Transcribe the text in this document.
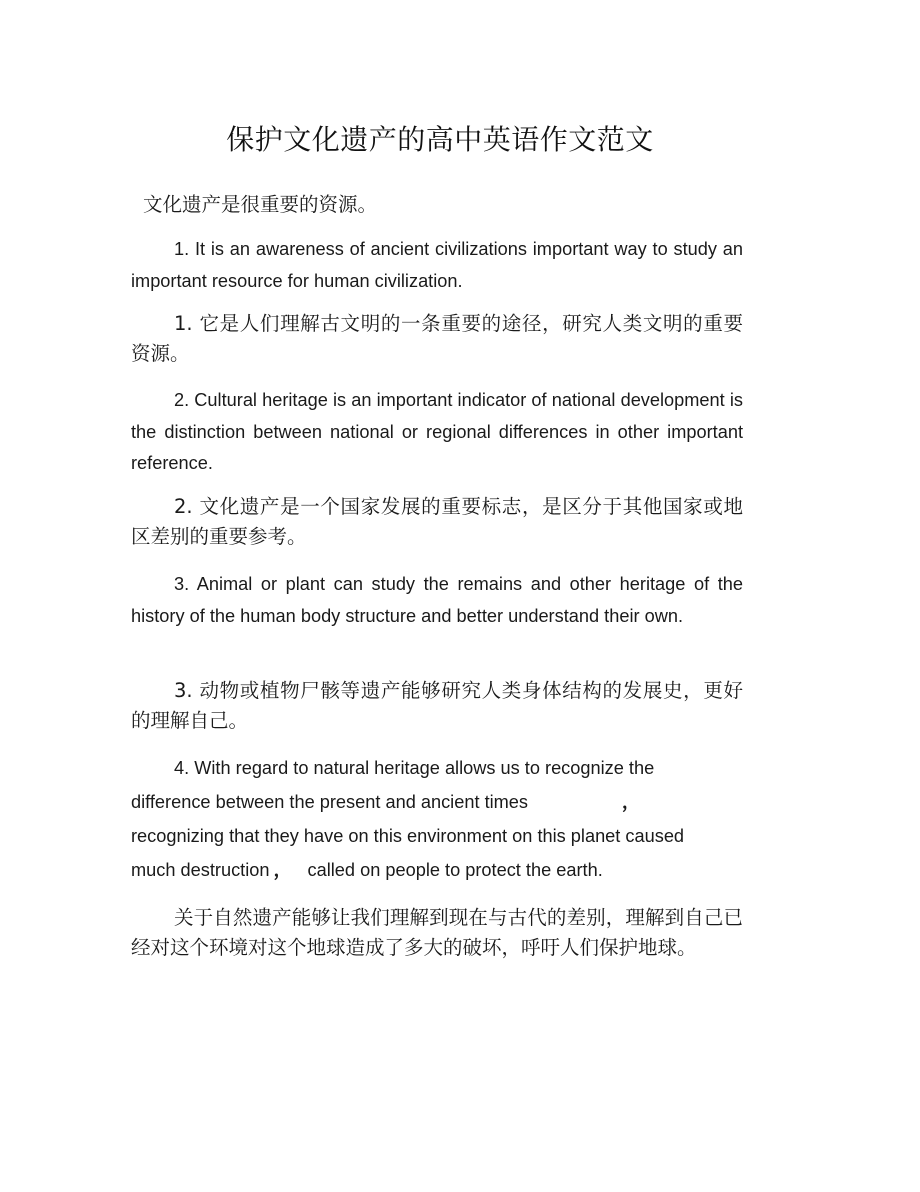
保护文化遗产的高中英语作文范文

文化遗产是很重要的资源。

1. It is an awareness of ancient civilizations important way to study an important resource for human civilization.

1. 它是人们理解古文明的一条重要的途径，研究人类文明的重要 资源。

2. Cultural heritage is an important indicator of national development is the distinction between national or regional differences in other important reference.

2. 文化遗产是一个国家发展的重要标志，是区分于其他国家或地 区差别的重要参考。

3. Animal or plant can study the remains and other heritage of the history of the human body structure and better understand their own.

3. 动物或植物尸骸等遗产能够研究人类身体结构的发展史，更好 的理解自己。

4. With regard to natural heritage allows us to recognize the
difference between the present and ancient times	，
recognizing that they have on this environment on this planet caused
much destruction ， called on people to protect the earth.

关于自然遗产能够让我们理解到现在与古代的差别，理解到自己已经对这个环境对这个地球造成了多大的破坏，呼吁人们保护地球。
